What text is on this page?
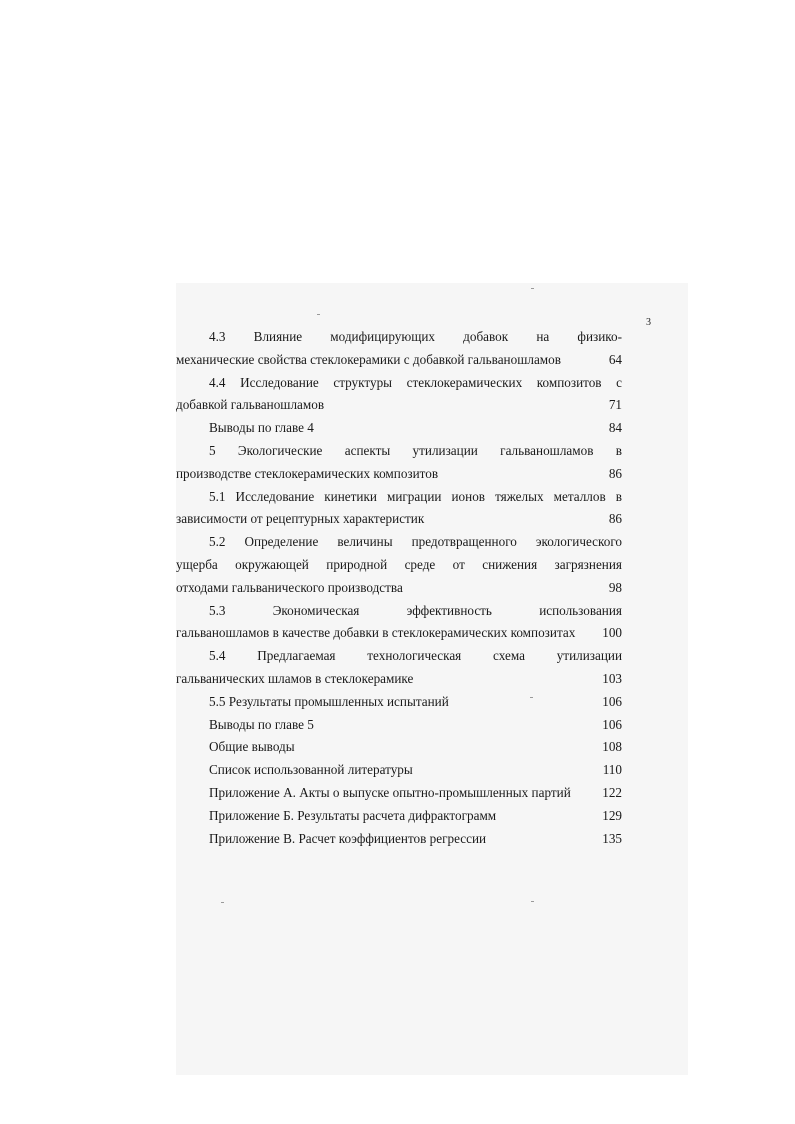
3
4.3 Влияние модифицирующих добавок на физико-
механические свойства стеклокерамики с добавкой гальваношламов	64
4.4 Исследование структуры стеклокерамических композитов с
добавкой гальваношламов	71
Выводы по главе 4	84
5 Экологические аспекты утилизации гальваношламов в
производстве стеклокерамических композитов	86
5.1 Исследование кинетики миграции ионов тяжелых металлов в
зависимости от рецептурных характеристик	86
5.2 Определение величины предотвращенного экологического
ущерба окружающей природной среде от снижения загрязнения
отходами гальванического производства	98
5.3 Экономическая эффективность использования
гальваношламов в качестве добавки в стеклокерамических композитах 100
5.4 Предлагаемая технологическая схема утилизации
гальванических шламов в стеклокерамике	103
5.5 Результаты промышленных испытаний	106
Выводы по главе 5	106
Общие выводы	108
Список использованной литературы	110
Приложение А. Акты о выпуске опытно-промышленных партий 122
Приложение Б. Результаты расчета дифрактограмм	129
Приложение В. Расчет коэффициентов регрессии	135
